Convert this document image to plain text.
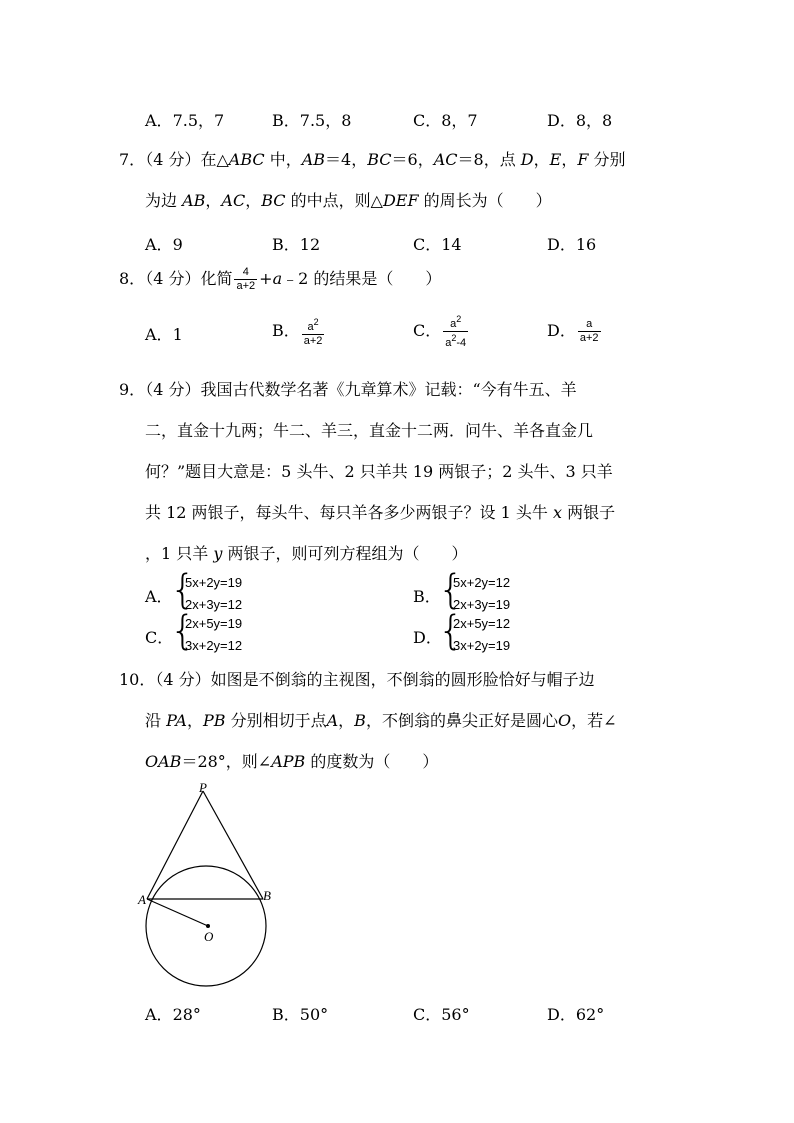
A．7.5，7	B．7.5，8	C．8，7	D．8，8
7．（4 分）在△ABC 中，AB＝4，BC＝6，AC＝8，点 D，E，F 分别
为边 AB，AC，BC 的中点，则△DEF 的周长为（　　）
A．9	B．12	C．14	D．16
8．（4 分）化简 $\frac{4}{a+2}$ +a﹣2 的结果是（　　）
A．1	B． $\frac{a^2}{a+2}$	C． $\frac{a^2}{a^2-4}$	D． $\frac{a}{a+2}$
9．（4 分）我国古代数学名著《九章算术》记载：“今有牛五、羊
二，直金十九两；牛二、羊三，直金十二两．问牛、羊各直金几
何？”题目大意是：5 头牛、2 只羊共 19 两银子；2 头牛、3 只羊
共 12 两银子，每头牛、每只羊各多少两银子？设 1 头牛 x 两银子
，1 只羊 y 两银子，则可列方程组为（　　）
A．
{
5x+2y=19
2x+3y=12	B．
{
5x+2y=12
2x+3y=19
C．
{
2x+5y=19
3x+2y=12	D．
{
2x+5y=12
3x+2y=19
10．（4 分）如图是不倒翁的主视图，不倒翁的圆形脸恰好与帽子边
沿 PA，PB 分别相切于点A，B，不倒翁的鼻尖正好是圆心O，若∠
OAB＝28°，则∠APB 的度数为（　　）
P
A	B
O
A．28°	B．50°	C．56°	D．62°
